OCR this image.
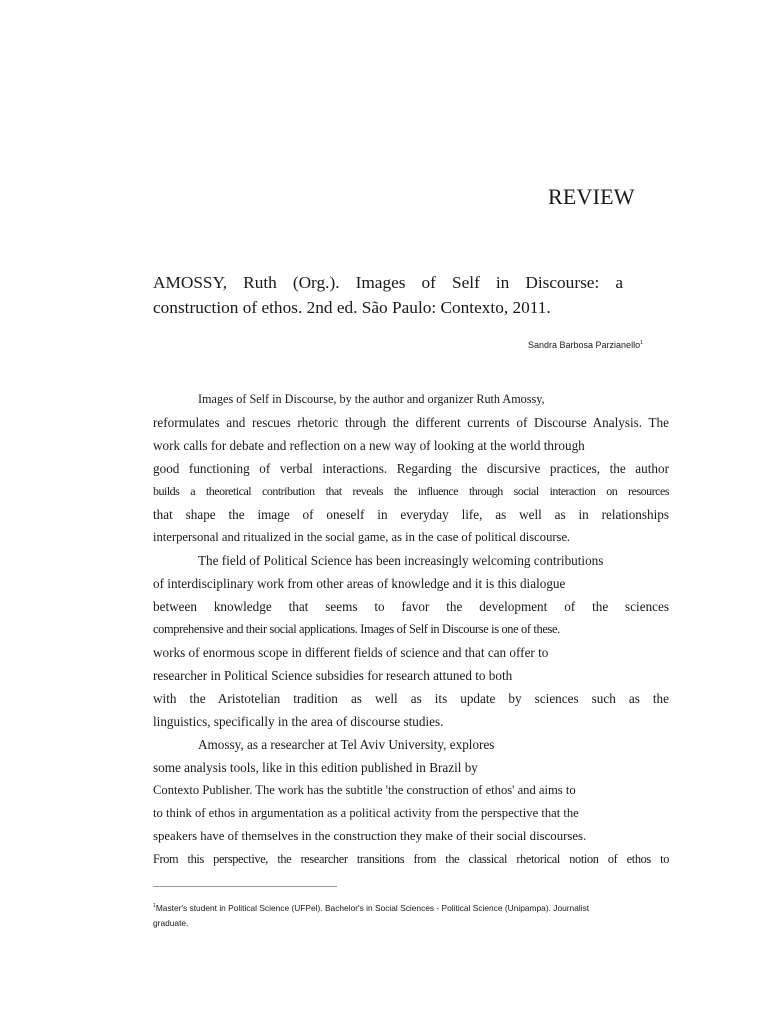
REVIEW
AMOSSY, Ruth (Org.). Images of Self in Discourse: a
construction of ethos. 2nd ed. São Paulo: Contexto, 2011.
Sandra Barbosa Parzianello$^1$
Images of Self in Discourse, by the author and organizer Ruth Amossy,
reformulates and rescues rhetoric through the different currents of Discourse Analysis. The
work calls for debate and reflection on a new way of looking at the world through
good functioning of verbal interactions. Regarding the discursive practices, the author
builds a theoretical contribution that reveals the influence through social interaction on resources
that shape the image of oneself in everyday life, as well as in relationships
interpersonal and ritualized in the social game, as in the case of political discourse.
The field of Political Science has been increasingly welcoming contributions
of interdisciplinary work from other areas of knowledge and it is this dialogue
between knowledge that seems to favor the development of the sciences
comprehensive and their social applications. Images of Self in Discourse is one of these.
works of enormous scope in different fields of science and that can offer to
researcher in Political Science subsidies for research attuned to both
with the Aristotelian tradition as well as its update by sciences such as the
linguistics, specifically in the area of discourse studies.
Amossy, as a researcher at Tel Aviv University, explores
some analysis tools, like in this edition published in Brazil by
Contexto Publisher. The work has the subtitle 'the construction of ethos' and aims to
to think of ethos in argumentation as a political activity from the perspective that the
speakers have of themselves in the construction they make of their social discourses.
From this perspective, the researcher transitions from the classical rhetorical notion of ethos to
$^1$Master's student in Political Science (UFPel). Bachelor's in Social Sciences - Political Science (Unipampa). Journalist
graduate.
